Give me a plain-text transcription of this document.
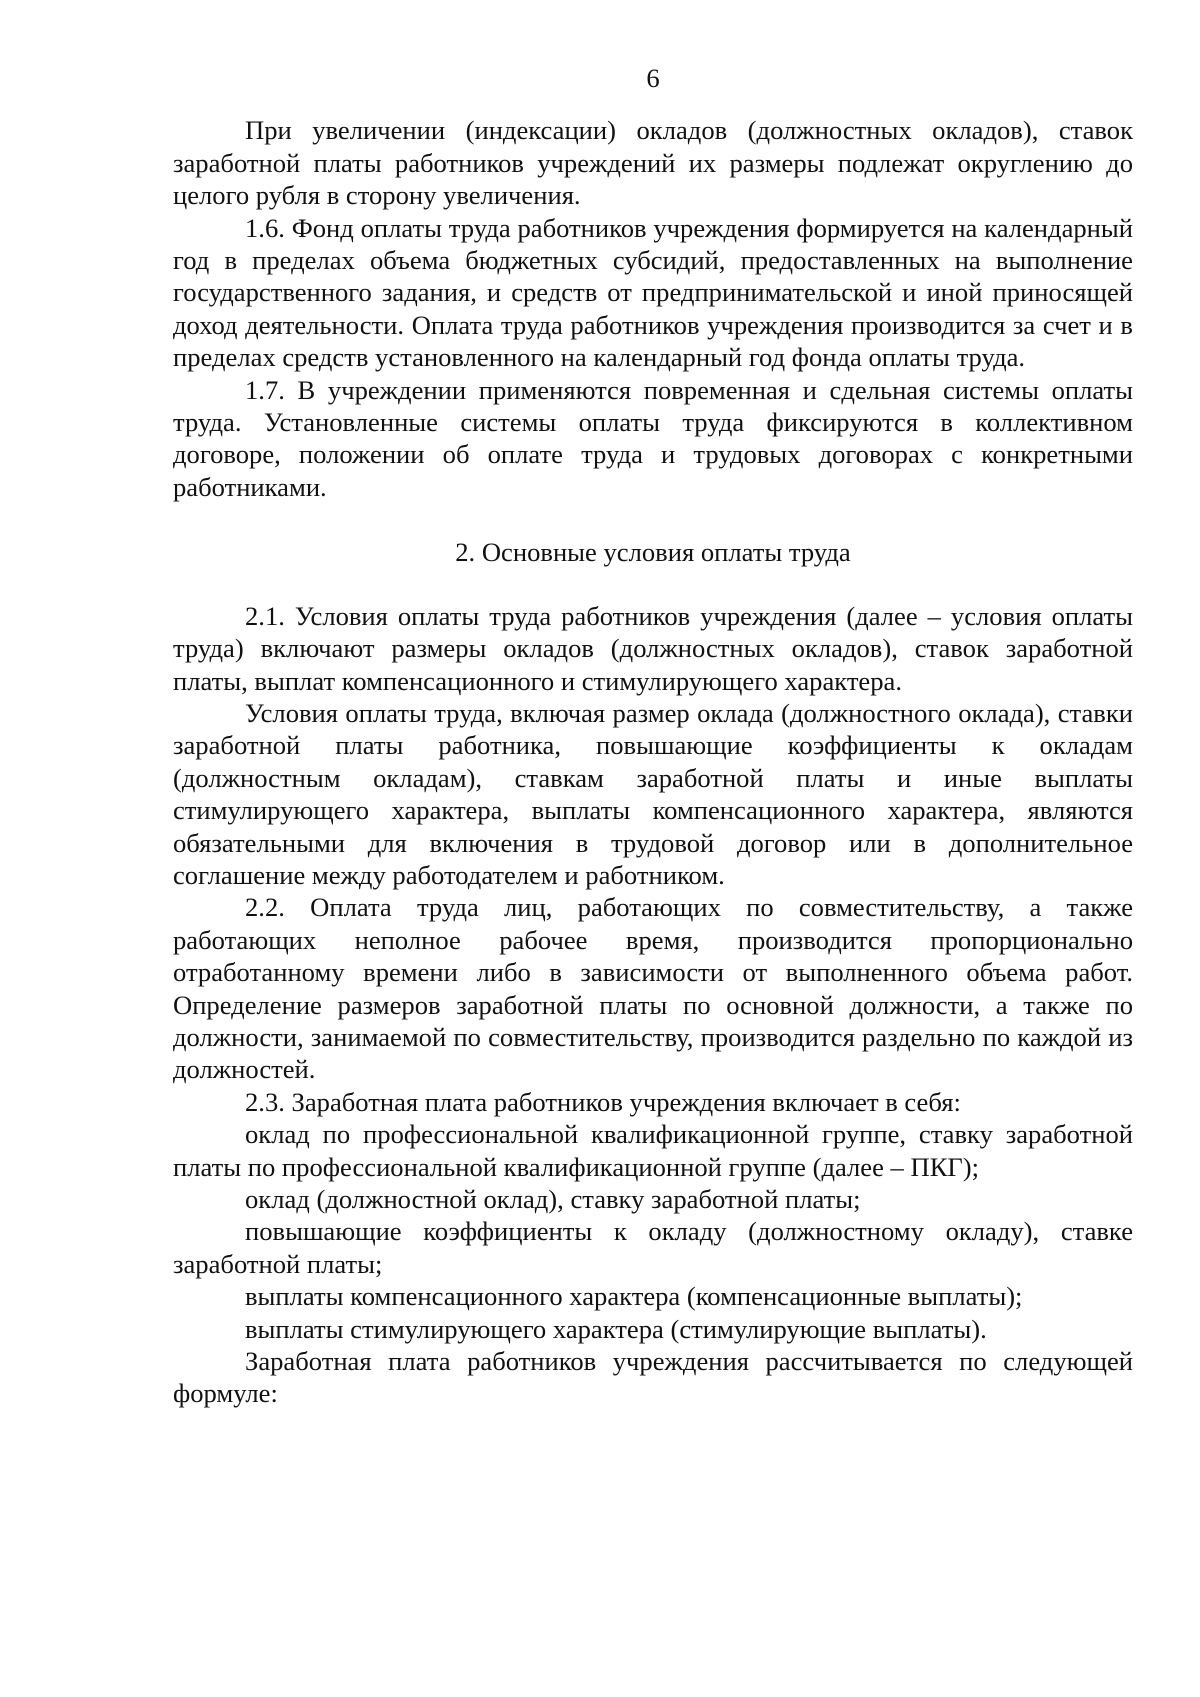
6

При увеличении (индексации) окладов (должностных окладов), ставок заработной платы работников учреждений их размеры подлежат округлению до целого рубля в сторону увеличения.

1.6. Фонд оплаты труда работников учреждения формируется на календарный год в пределах объема бюджетных субсидий, предоставленных на выполнение государственного задания, и средств от предпринимательской и иной приносящей доход деятельности. Оплата труда работников учреждения производится за счет и в пределах средств установленного на календарный год фонда оплаты труда.

1.7. В учреждении применяются повременная и сдельная системы оплаты труда. Установленные системы оплаты труда фиксируются в коллективном договоре, положении об оплате труда и трудовых договорах с конкретными работниками.

2. Основные условия оплаты труда

2.1. Условия оплаты труда работников учреждения (далее – условия оплаты труда) включают размеры окладов (должностных окладов), ставок заработной платы, выплат компенсационного и стимулирующего характера.

Условия оплаты труда, включая размер оклада (должностного оклада), ставки заработной платы работника, повышающие коэффициенты к окладам (должностным окладам), ставкам заработной платы и иные выплаты стимулирующего характера, выплаты компенсационного характера, являются обязательными для включения в трудовой договор или в дополнительное соглашение между работодателем и работником.

2.2. Оплата труда лиц, работающих по совместительству, а также работающих неполное рабочее время, производится пропорционально отработанному времени либо в зависимости от выполненного объема работ. Определение размеров заработной платы по основной должности, а также по должности, занимаемой по совместительству, производится раздельно по каждой из должностей.

2.3. Заработная плата работников учреждения включает в себя:

оклад по профессиональной квалификационной группе, ставку заработной платы по профессиональной квалификационной группе (далее – ПКГ);

оклад (должностной оклад), ставку заработной платы;

повышающие коэффициенты к окладу (должностному окладу), ставке заработной платы;

выплаты компенсационного характера (компенсационные выплаты);

выплаты стимулирующего характера (стимулирующие выплаты).

Заработная плата работников учреждения рассчитывается по следующей формуле:
